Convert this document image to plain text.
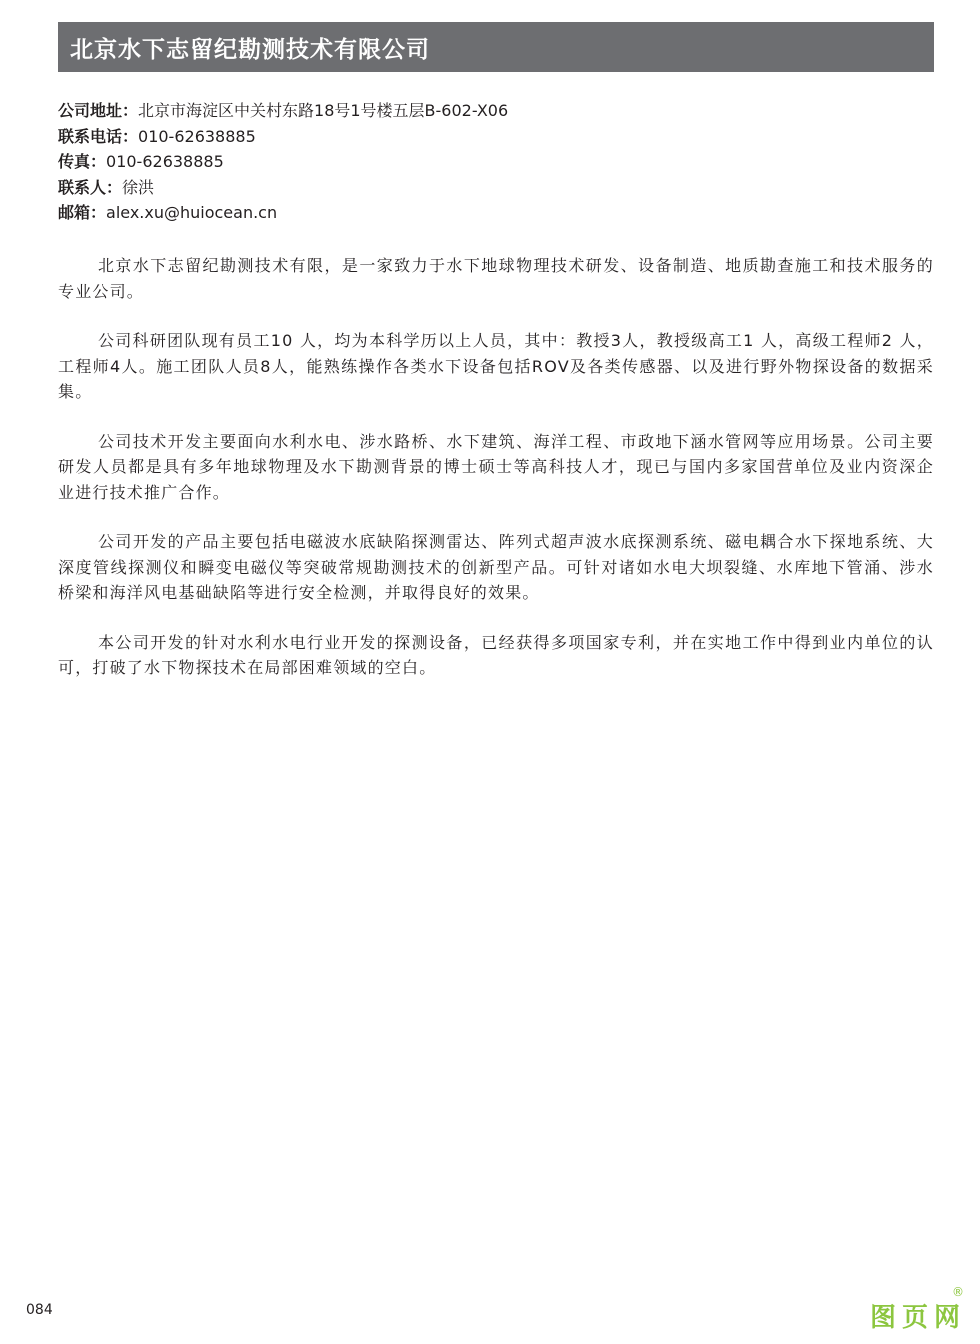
北京水下志留纪勘测技术有限公司
公司地址：北京市海淀区中关村东路18号1号楼五层B-602-X06
联系电话：010-62638885
传真：010-62638885
联系人：徐洪
邮箱：alex.xu@huiocean.cn

北京水下志留纪勘测技术有限，是一家致力于水下地球物理技术研发、设备制造、地质勘查施工和技术服务的专业公司。

公司科研团队现有员工10 人，均为本科学历以上人员，其中：教授3人，教授级高工1 人，高级工程师2 人，工程师4人。施工团队人员8人，能熟练操作各类水下设备包括ROV及各类传感器、以及进行野外物探设备的数据采集。

公司技术开发主要面向水利水电、涉水路桥、水下建筑、海洋工程、市政地下涵水管网等应用场景。公司主要研发人员都是具有多年地球物理及水下勘测背景的博士硕士等高科技人才，现已与国内多家国营单位及业内资深企业进行技术推广合作。

公司开发的产品主要包括电磁波水底缺陷探测雷达、阵列式超声波水底探测系统、磁电耦合水下探地系统、大深度管线探测仪和瞬变电磁仪等突破常规勘测技术的创新型产品。可针对诸如水电大坝裂缝、水库地下管涌、涉水桥梁和海洋风电基础缺陷等进行安全检测，并取得良好的效果。

本公司开发的针对水利水电行业开发的探测设备，已经获得多项国家专利，并在实地工作中得到业内单位的认可，打破了水下物探技术在局部困难领域的空白。

084	图页网
®
